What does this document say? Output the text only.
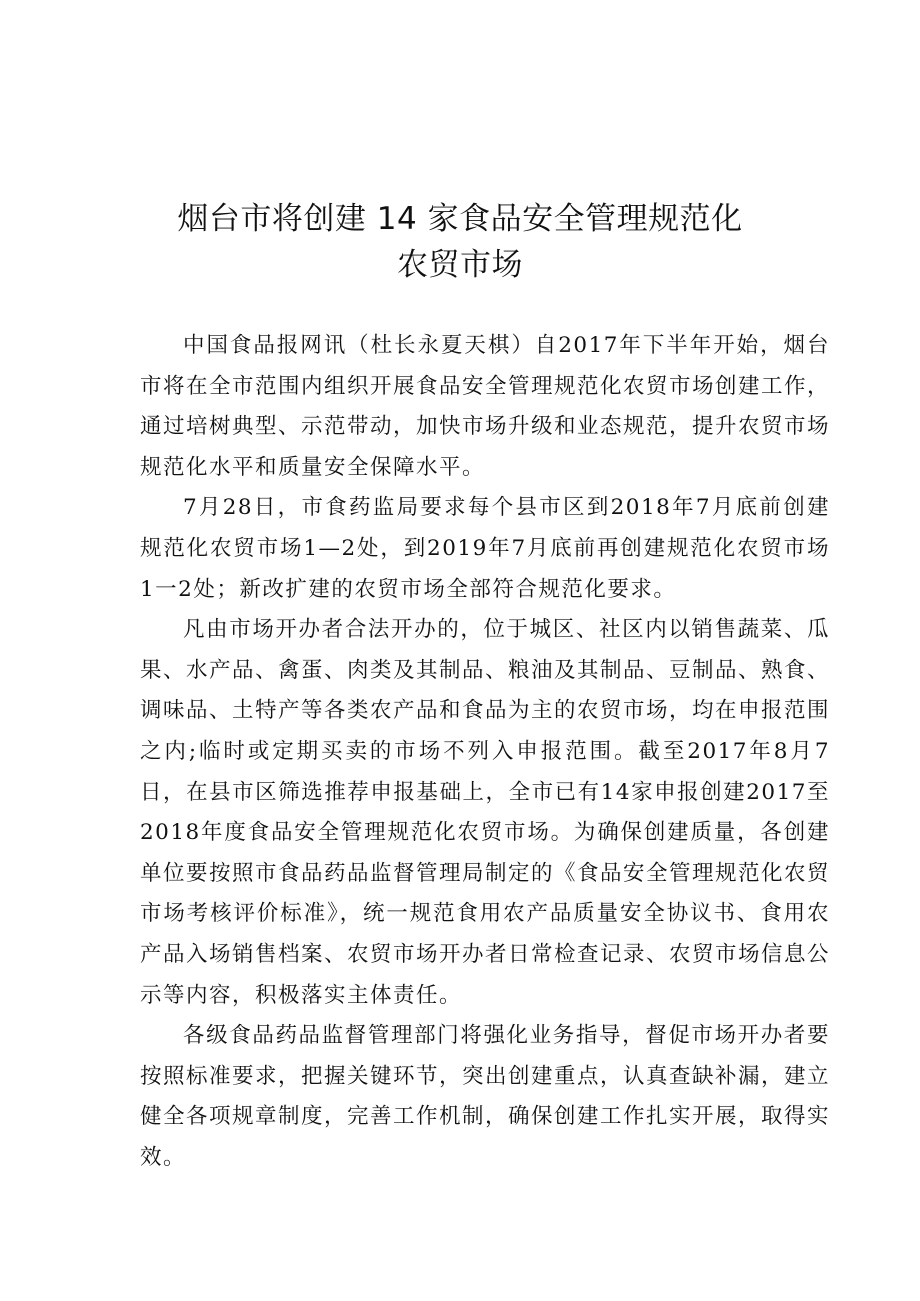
烟台市将创建 14 家食品安全管理规范化
农贸市场

中国食品报网讯（杜长永夏天棋）自2017年下半年开始，烟台市将在全市范围内组织开展食品安全管理规范化农贸市场创建工作，通过培树典型、示范带动，加快市场升级和业态规范，提升农贸市场规范化水平和质量安全保障水平。

7月28日，市食药监局要求每个县市区到2018年7月底前创建规范化农贸市场1—2处，到2019年7月底前再创建规范化农贸市场1一2处；新改扩建的农贸市场全部符合规范化要求。

凡由市场开办者合法开办的，位于城区、社区内以销售蔬菜、瓜果、水产品、禽蛋、肉类及其制品、粮油及其制品、豆制品、熟食、调味品、土特产等各类农产品和食品为主的农贸市场，均在申报范围之内;临时或定期买卖的市场不列入申报范围。截至2017年8月7日，在县市区筛选推荐申报基础上，全市已有14家申报创建2017至2018年度食品安全管理规范化农贸市场。为确保创建质量，各创建单位要按照市食品药品监督管理局制定的《食品安全管理规范化农贸市场考核评价标准》，统一规范食用农产品质量安全协议书、食用农产品入场销售档案、农贸市场开办者日常检查记录、农贸市场信息公示等内容，积极落实主体责任。

各级食品药品监督管理部门将强化业务指导，督促市场开办者要按照标准要求，把握关键环节，突出创建重点，认真查缺补漏，建立健全各项规章制度，完善工作机制，确保创建工作扎实开展，取得实效。
